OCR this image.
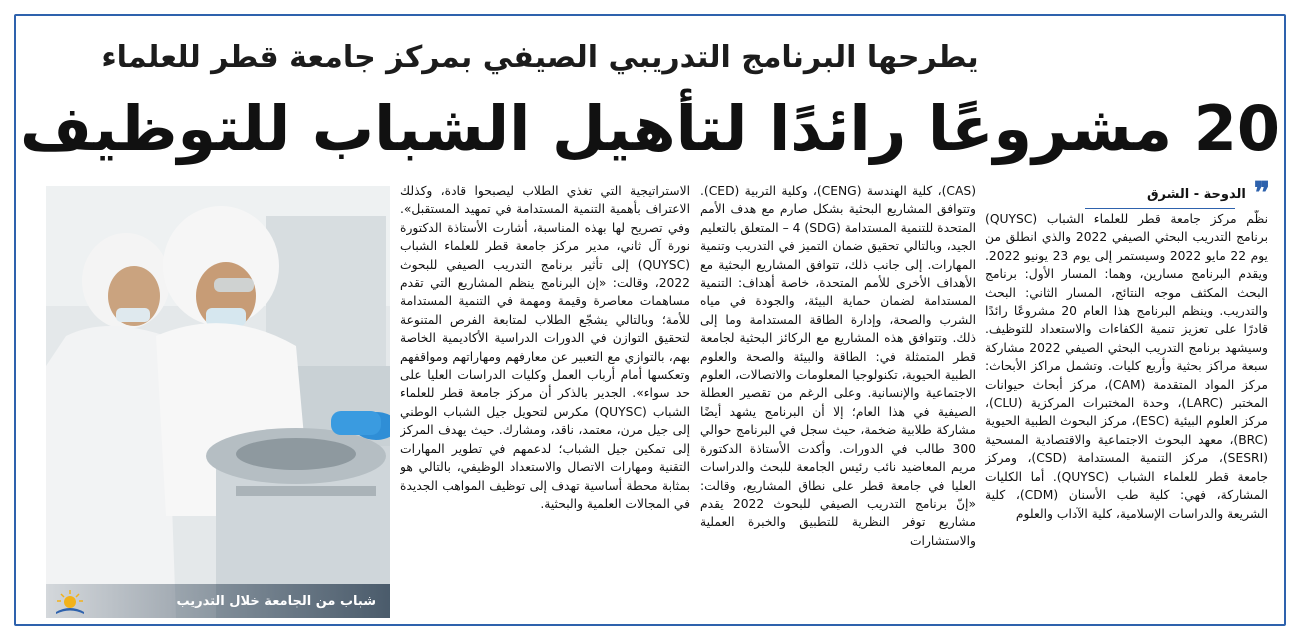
يطرحها البرنامج التدريبي الصيفي بمركز جامعة قطر للعلماء
20 مشروعًا رائدًا لتأهيل الشباب للتوظيف
❞
الدوحة - الشرق

نظّم مركز جامعة قطر للعلماء الشباب (QUYSC) برنامج التدريب البحثي الصيفي 2022 والذي انطلق من يوم 22 مايو 2022 وسيستمر إلى يوم 23 يونيو 2022. ويقدم البرنامج مسارين، وهما: المسار الأول: برنامج البحث المكثف موجه النتائج، المسار الثاني: البحث والتدريب. وينظم البرنامج هذا العام 20 مشروعًا رائدًا قادرًا على تعزيز تنمية الكفاءات والاستعداد للتوظيف. وسيشهد برنامج التدريب البحثي الصيفي 2022 مشاركة سبعة مراكز بحثية وأربع كليات. وتشمل مراكز الأبحاث: مركز المواد المتقدمة (CAM)، مركز أبحاث حيوانات المختبر (LARC)، وحدة المختبرات المركزية (CLU)، مركز العلوم البيئية (ESC)، مركز البحوث الطبية الحيوية (BRC)، معهد البحوث الاجتماعية والاقتصادية المسحية (SESRI)، مركز التنمية المستدامة (CSD)، ومركز جامعة قطر للعلماء الشباب (QUYSC). أما الكليات المشاركة، فهي: كلية طب الأسنان (CDM)، كلية الشريعة والدراسات الإسلامية، كلية الآداب والعلوم

(CAS)، كلية الهندسة (CENG)، وكلية التربية (CED). وتتوافق المشاريع البحثية بشكل صارم مع هدف الأمم المتحدة للتنمية المستدامة (SDG) 4 – المتعلق بالتعليم الجيد، وبالتالي تحقيق ضمان التميز في التدريب وتنمية المهارات. إلى جانب ذلك، تتوافق المشاريع البحثية مع الأهداف الأخرى للأمم المتحدة، خاصة أهداف: التنمية المستدامة لضمان حماية البيئة، والجودة في مياه الشرب والصحة، وإدارة الطاقة المستدامة وما إلى ذلك. وتتوافق هذه المشاريع مع الركائز البحثية لجامعة قطر المتمثلة في: الطاقة والبيئة والصحة والعلوم الطبية الحيوية، تكنولوجيا المعلومات والاتصالات، العلوم الاجتماعية والإنسانية. وعلى الرغم من تقصير العطلة الصيفية في هذا العام؛ إلا أن البرنامج يشهد أيضًا مشاركة طلابية ضخمة، حيث سجل في البرنامج حوالي 300 طالب في الدورات. وأكدت الأستاذة الدكتورة مريم المعاضيد نائب رئيس الجامعة للبحث والدراسات العليا في جامعة قطر على نطاق المشاريع، وقالت: «إنّ برنامج التدريب الصيفي للبحوث 2022 يقدم مشاريع توفر النظرية للتطبيق والخبرة العملية والاستشارات

الاستراتيجية التي تغذي الطلاب ليصبحوا قادة، وكذلك الاعتراف بأهمية التنمية المستدامة في تمهيد المستقبل». وفي تصريح لها بهذه المناسبة، أشارت الأستاذة الدكتورة نورة آل ثاني، مدير مركز جامعة قطر للعلماء الشباب (QUYSC) إلى تأثير برنامج التدريب الصيفي للبحوث 2022، وقالت: «إن البرنامج ينظم المشاريع التي تقدم مساهمات معاصرة وقيمة ومهمة في التنمية المستدامة للأمة؛ وبالتالي يشجّع الطلاب لمتابعة الفرص المتنوعة لتحقيق التوازن في الدورات الدراسية الأكاديمية الخاصة بهم، بالتوازي مع التعبير عن معارفهم ومهاراتهم ومواقفهم وتعكسها أمام أرباب العمل وكليات الدراسات العليا على حد سواء». الجدير بالذكر أن مركز جامعة قطر للعلماء الشباب (QUYSC) مكرس لتحويل جيل الشباب الوطني إلى جيل مرن، معتمد، ناقد، ومشارك. حيث يهدف المركز إلى تمكين جيل الشباب؛ لدعمهم في تطوير المهارات التقنية ومهارات الاتصال والاستعداد الوظيفي، بالتالي هو بمثابة محطة أساسية تهدف إلى توظيف المواهب الجديدة في المجالات العلمية والبحثية.

شباب من الجامعة خلال التدريب
